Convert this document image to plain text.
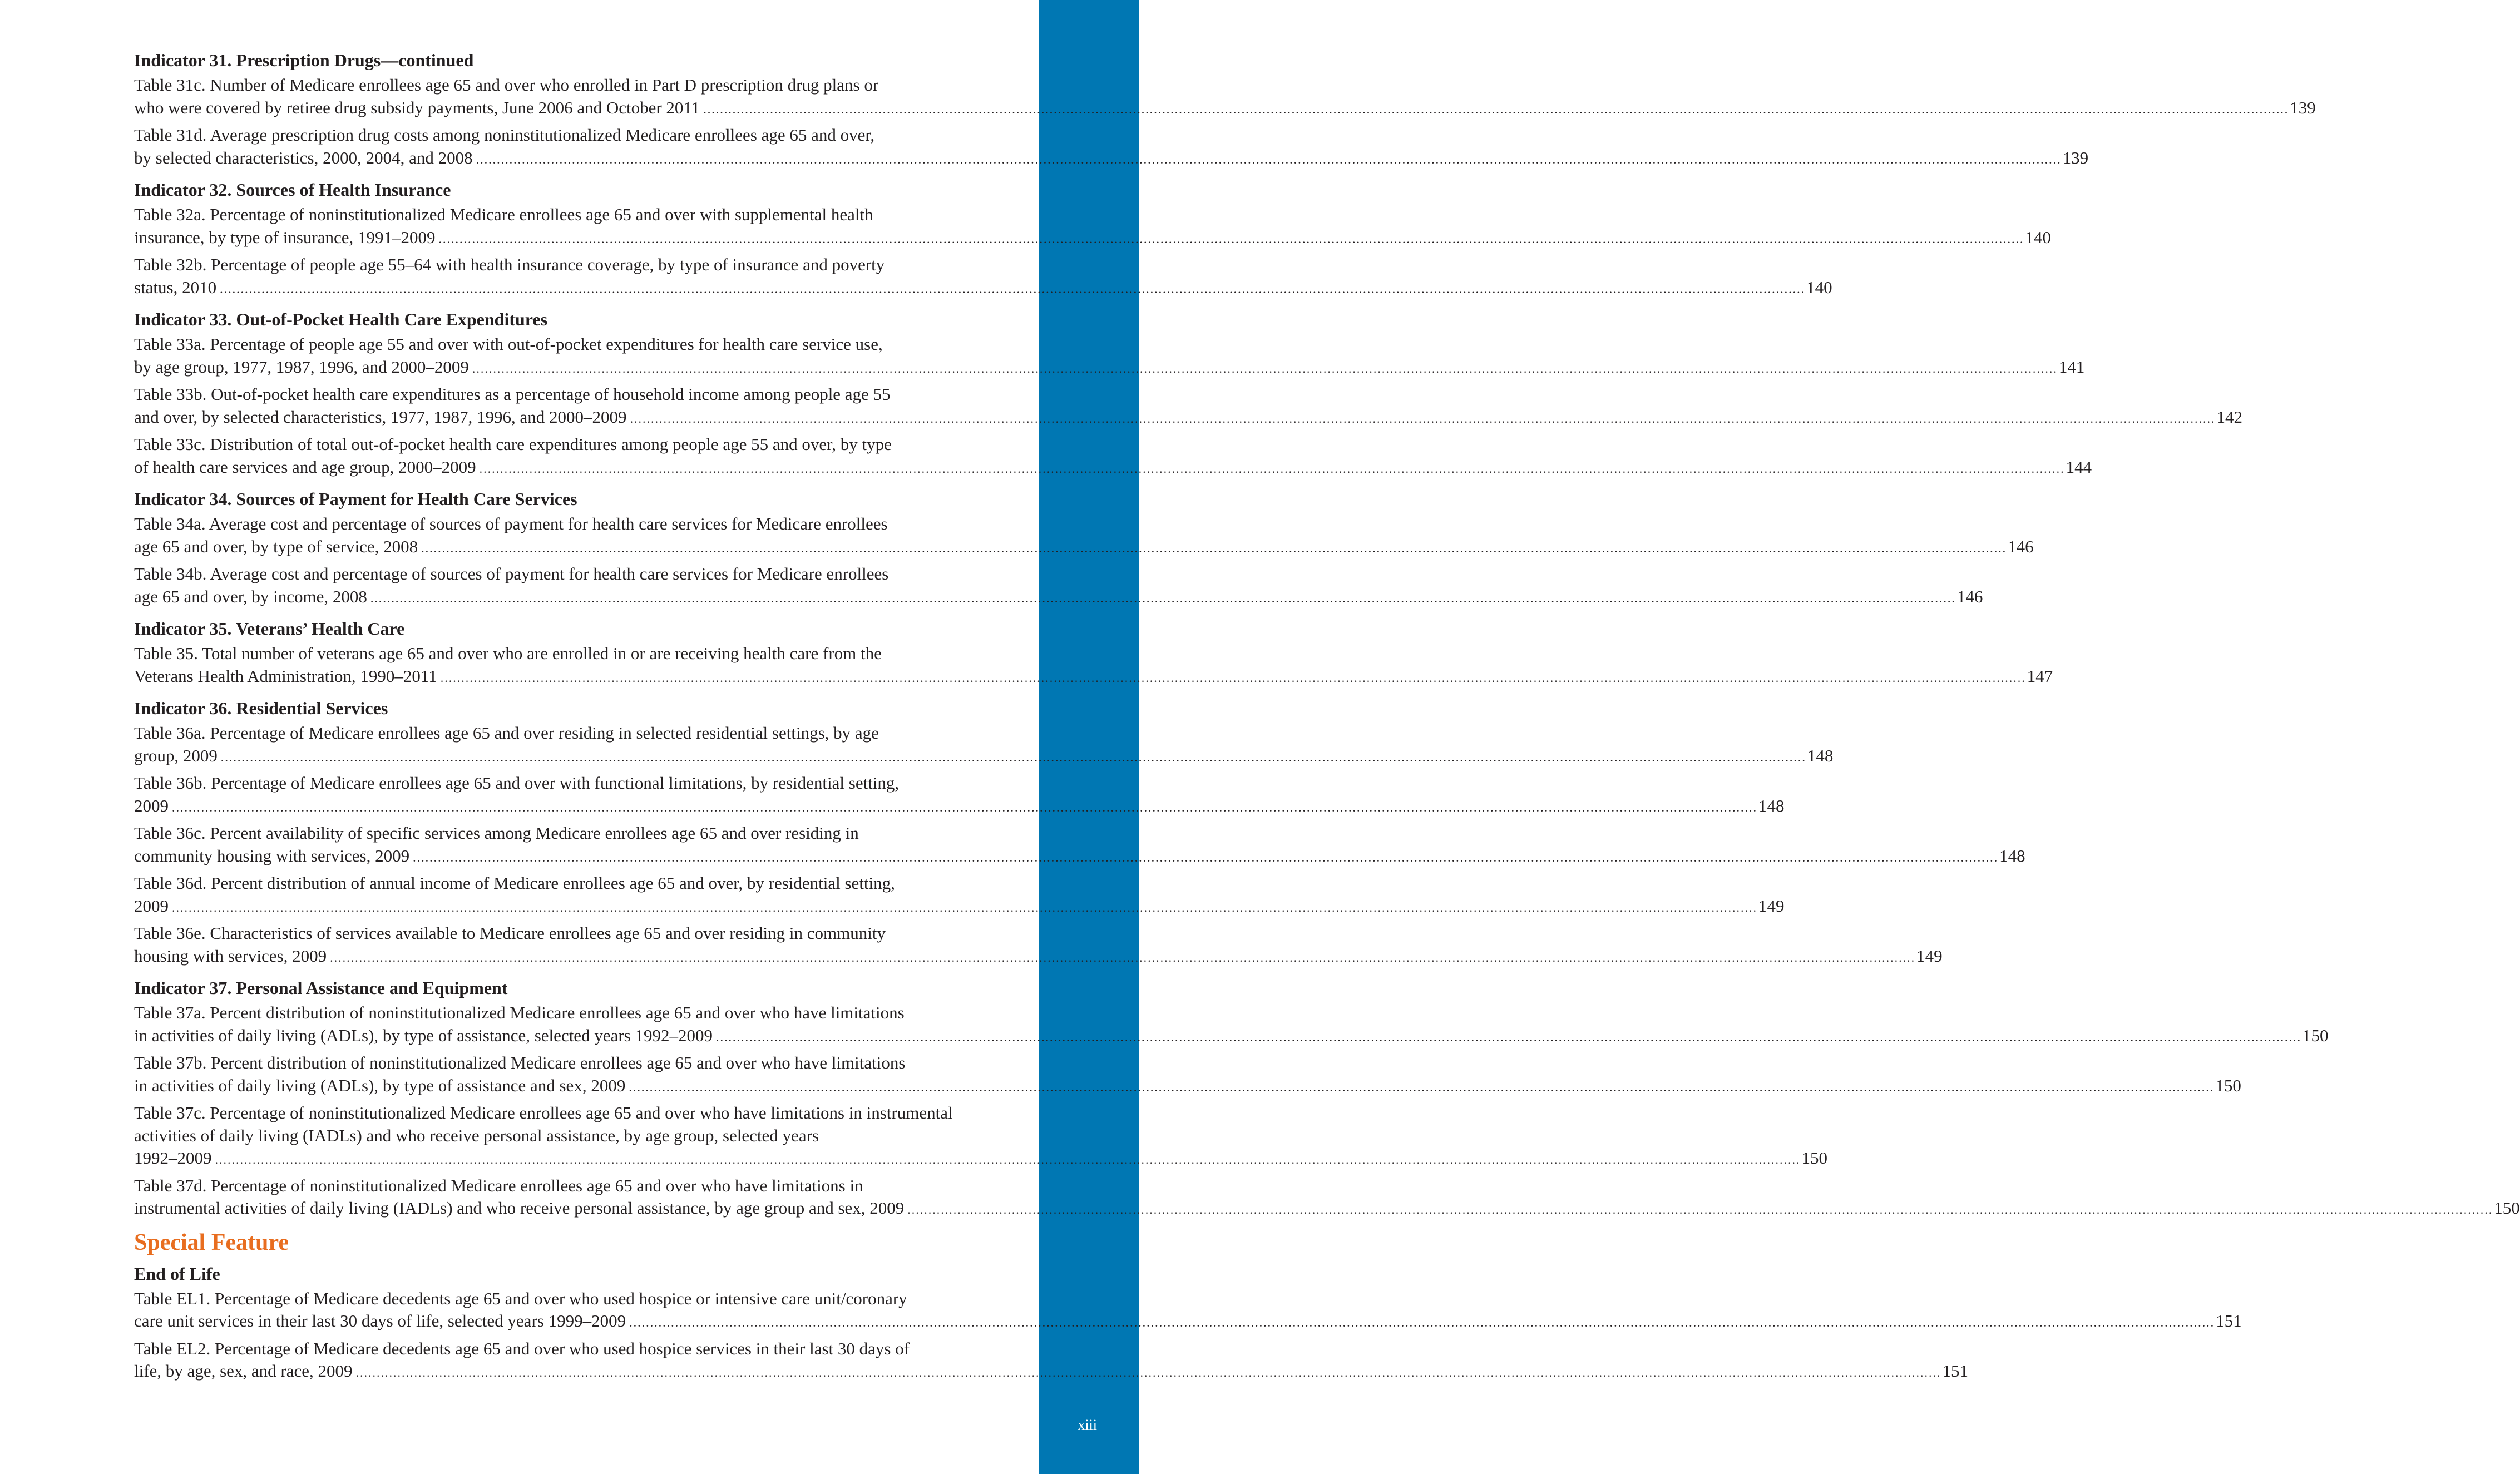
xiii
Indicator 31. Prescription Drugs—continued
Table 31c. Number of Medicare enrollees age 65 and over who enrolled in Part D prescription drug plans or
who were covered by retiree drug subsidy payments, June 2006 and October 2011 ............................................................................................................................................................................................................................................................................................................................................................................................ 139
Table 31d. Average prescription drug costs among noninstitutionalized Medicare enrollees age 65 and over,
by selected characteristics, 2000, 2004, and 2008 ............................................................................................................................................................................................................................................................................................................................................................................................ 139
Indicator 32. Sources of Health Insurance
Table 32a. Percentage of noninstitutionalized Medicare enrollees age 65 and over with supplemental health
insurance, by type of insurance, 1991–2009 ............................................................................................................................................................................................................................................................................................................................................................................................ 140
Table 32b. Percentage of people age 55–64 with health insurance coverage, by type of insurance and poverty
status, 2010 ............................................................................................................................................................................................................................................................................................................................................................................................ 140
Indicator 33. Out-of-Pocket Health Care Expenditures
Table 33a. Percentage of people age 55 and over with out-of-pocket expenditures for health care service use,
by age group, 1977, 1987, 1996, and 2000–2009 ............................................................................................................................................................................................................................................................................................................................................................................................ 141
Table 33b. Out-of-pocket health care expenditures as a percentage of household income among people age 55
and over, by selected characteristics, 1977, 1987, 1996, and 2000–2009 ............................................................................................................................................................................................................................................................................................................................................................................................ 142
Table 33c. Distribution of total out-of-pocket health care expenditures among people age 55 and over, by type
of health care services and age group, 2000–2009 ............................................................................................................................................................................................................................................................................................................................................................................................ 144
Indicator 34. Sources of Payment for Health Care Services
Table 34a. Average cost and percentage of sources of payment for health care services for Medicare enrollees
age 65 and over, by type of service, 2008 ............................................................................................................................................................................................................................................................................................................................................................................................ 146
Table 34b. Average cost and percentage of sources of payment for health care services for Medicare enrollees
age 65 and over, by income, 2008 ............................................................................................................................................................................................................................................................................................................................................................................................ 146
Indicator 35. Veterans’ Health Care
Table 35. Total number of veterans age 65 and over who are enrolled in or are receiving health care from the
Veterans Health Administration, 1990–2011 ............................................................................................................................................................................................................................................................................................................................................................................................ 147
Indicator 36. Residential Services
Table 36a. Percentage of Medicare enrollees age 65 and over residing in selected residential settings, by age
group, 2009 ............................................................................................................................................................................................................................................................................................................................................................................................ 148
Table 36b. Percentage of Medicare enrollees age 65 and over with functional limitations, by residential setting,
2009 ............................................................................................................................................................................................................................................................................................................................................................................................ 148
Table 36c. Percent availability of specific services among Medicare enrollees age 65 and over residing in
community housing with services, 2009 ............................................................................................................................................................................................................................................................................................................................................................................................ 148
Table 36d. Percent distribution of annual income of Medicare enrollees age 65 and over, by residential setting,
2009 ............................................................................................................................................................................................................................................................................................................................................................................................ 149
Table 36e. Characteristics of services available to Medicare enrollees age 65 and over residing in community
housing with services, 2009 ............................................................................................................................................................................................................................................................................................................................................................................................ 149
Indicator 37. Personal Assistance and Equipment
Table 37a. Percent distribution of noninstitutionalized Medicare enrollees age 65 and over who have limitations
in activities of daily living (ADLs), by type of assistance, selected years 1992–2009 ............................................................................................................................................................................................................................................................................................................................................................................................ 150
Table 37b. Percent distribution of noninstitutionalized Medicare enrollees age 65 and over who have limitations
in activities of daily living (ADLs), by type of assistance and sex, 2009 ............................................................................................................................................................................................................................................................................................................................................................................................ 150
Table 37c. Percentage of noninstitutionalized Medicare enrollees age 65 and over who have limitations in instrumental activities of daily living (IADLs) and who receive personal assistance, by age group, selected years
1992–2009 ............................................................................................................................................................................................................................................................................................................................................................................................ 150
Table 37d. Percentage of noninstitutionalized Medicare enrollees age 65 and over who have limitations in
instrumental activities of daily living (IADLs) and who receive personal assistance, by age group and sex, 2009 ............................................................................................................................................................................................................................................................................................................................................................................................ 150
Special Feature
End of Life
Table EL1. Percentage of Medicare decedents age 65 and over who used hospice or intensive care unit/coronary
care unit services in their last 30 days of life, selected years 1999–2009 ............................................................................................................................................................................................................................................................................................................................................................................................ 151
Table EL2. Percentage of Medicare decedents age 65 and over who used hospice services in their last 30 days of
life, by age, sex, and race, 2009 ............................................................................................................................................................................................................................................................................................................................................................................................ 151
